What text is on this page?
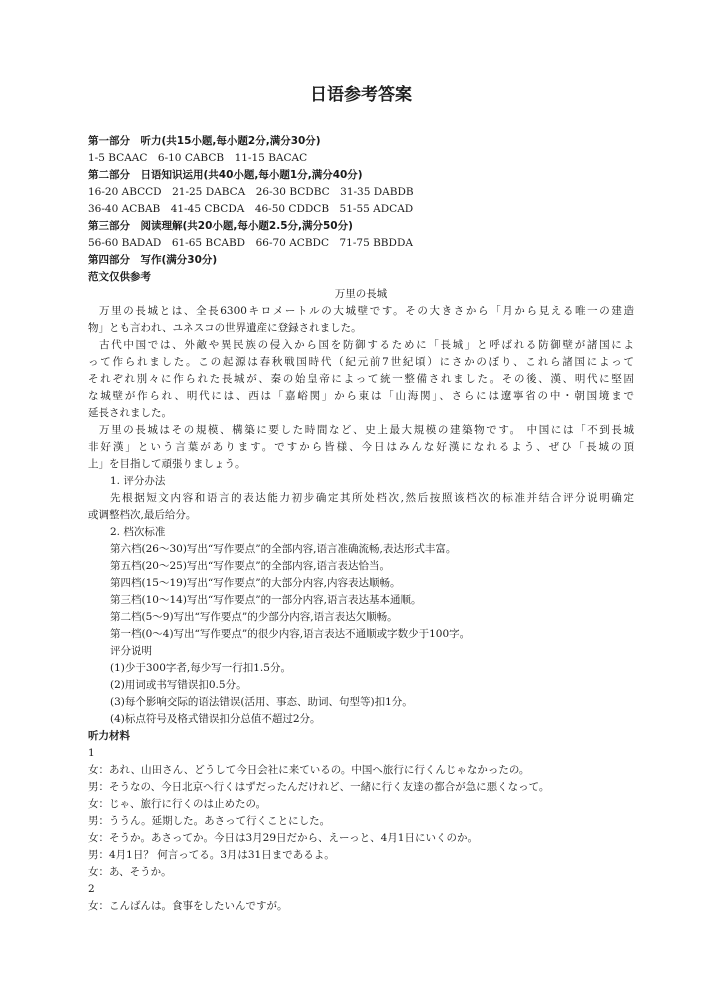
日语参考答案
第一部分　听力(共15小题,每小题2分,满分30分)
1-5 BCAAC　6-10 CABCB　11-15 BACAC
第二部分　日语知识运用(共40小题,每小题1分,满分40分)
16-20 ABCCD　21-25 DABCA　26-30 BCDBC　31-35 DABDB
36-40 ACBAB　41-45 CBCDA　46-50 CDDCB　51-55 ADCAD
第三部分　阅读理解(共20小题,每小题2.5分,满分50分)
56-60 BADAD　61-65 BCABD　66-70 ACBDC　71-75 BBDDA
第四部分　写作(满分30分)
范文仅供参考
万里の長城
万里の長城とは、全長6300キロメートルの大城壁です。その大きさから「月から見える唯一の建造
物」とも言われ、ユネスコの世界遺産に登録されました。
古代中国では、外敵や異民族の侵入から国を防御するために「長城」と呼ばれる防御壁が諸国によ
って作られました。この起源は春秋戦国時代（紀元前7世紀頃）にさかのぼり、これら諸国によって
それぞれ別々に作られた長城が、秦の始皇帝によって統一整備されました。その後、漢、明代に堅固
な城壁が作られ、明代には、西は「嘉峪関」から東は「山海関」、さらには遼寧省の中・朝国境まで
延長されました。
万里の長城はその規模、構築に要した時間など、史上最大規模の建築物です。 中国には「不到長城
非好漢」という言葉があります。ですから皆様、今日はみんな好漢になれるよう、ぜひ「長城の頂
上」を目指して頑張りましょう。
1. 评分办法
先根据短文内容和语言的表达能力初步确定其所处档次,然后按照该档次的标准并结合评分说明确定
或调整档次,最后给分。
2. 档次标准
第六档(26～30)写出“写作要点”的全部内容,语言准确流畅,表达形式丰富。
第五档(20～25)写出“写作要点”的全部内容,语言表达恰当。
第四档(15～19)写出“写作要点”的大部分内容,内容表达顺畅。
第三档(10～14)写出“写作要点”的一部分内容,语言表达基本通顺。
第二档(5～9)写出“写作要点”的少部分内容,语言表达欠顺畅。
第一档(0～4)写出“写作要点”的很少内容,语言表达不通顺或字数少于100字。
评分说明
(1)少于300字者,每少写一行扣1.5分。
(2)用词或书写错误扣0.5分。
(3)每个影响交际的语法错误(活用、事态、助词、句型等)扣1分。
(4)标点符号及格式错误扣分总值不超过2分。
听力材料
1
女：あれ、山田さん、どうして今日会社に来ているの。中国へ旅行に行くんじゃなかったの。
男：そうなの、今日北京へ行くはずだったんだけれど、一緒に行く友達の都合が急に悪くなって。
女：じゃ、旅行に行くのは止めたの。
男：ううん。延期した。あさって行くことにした。
女：そうか。あさってか。今日は3月29日だから、えーっと、4月1日にいくのか。
男：4月1日？ 何言ってる。3月は31日まであるよ。
女：あ、そうか。
2
女：こんばんは。食事をしたいんですが。
